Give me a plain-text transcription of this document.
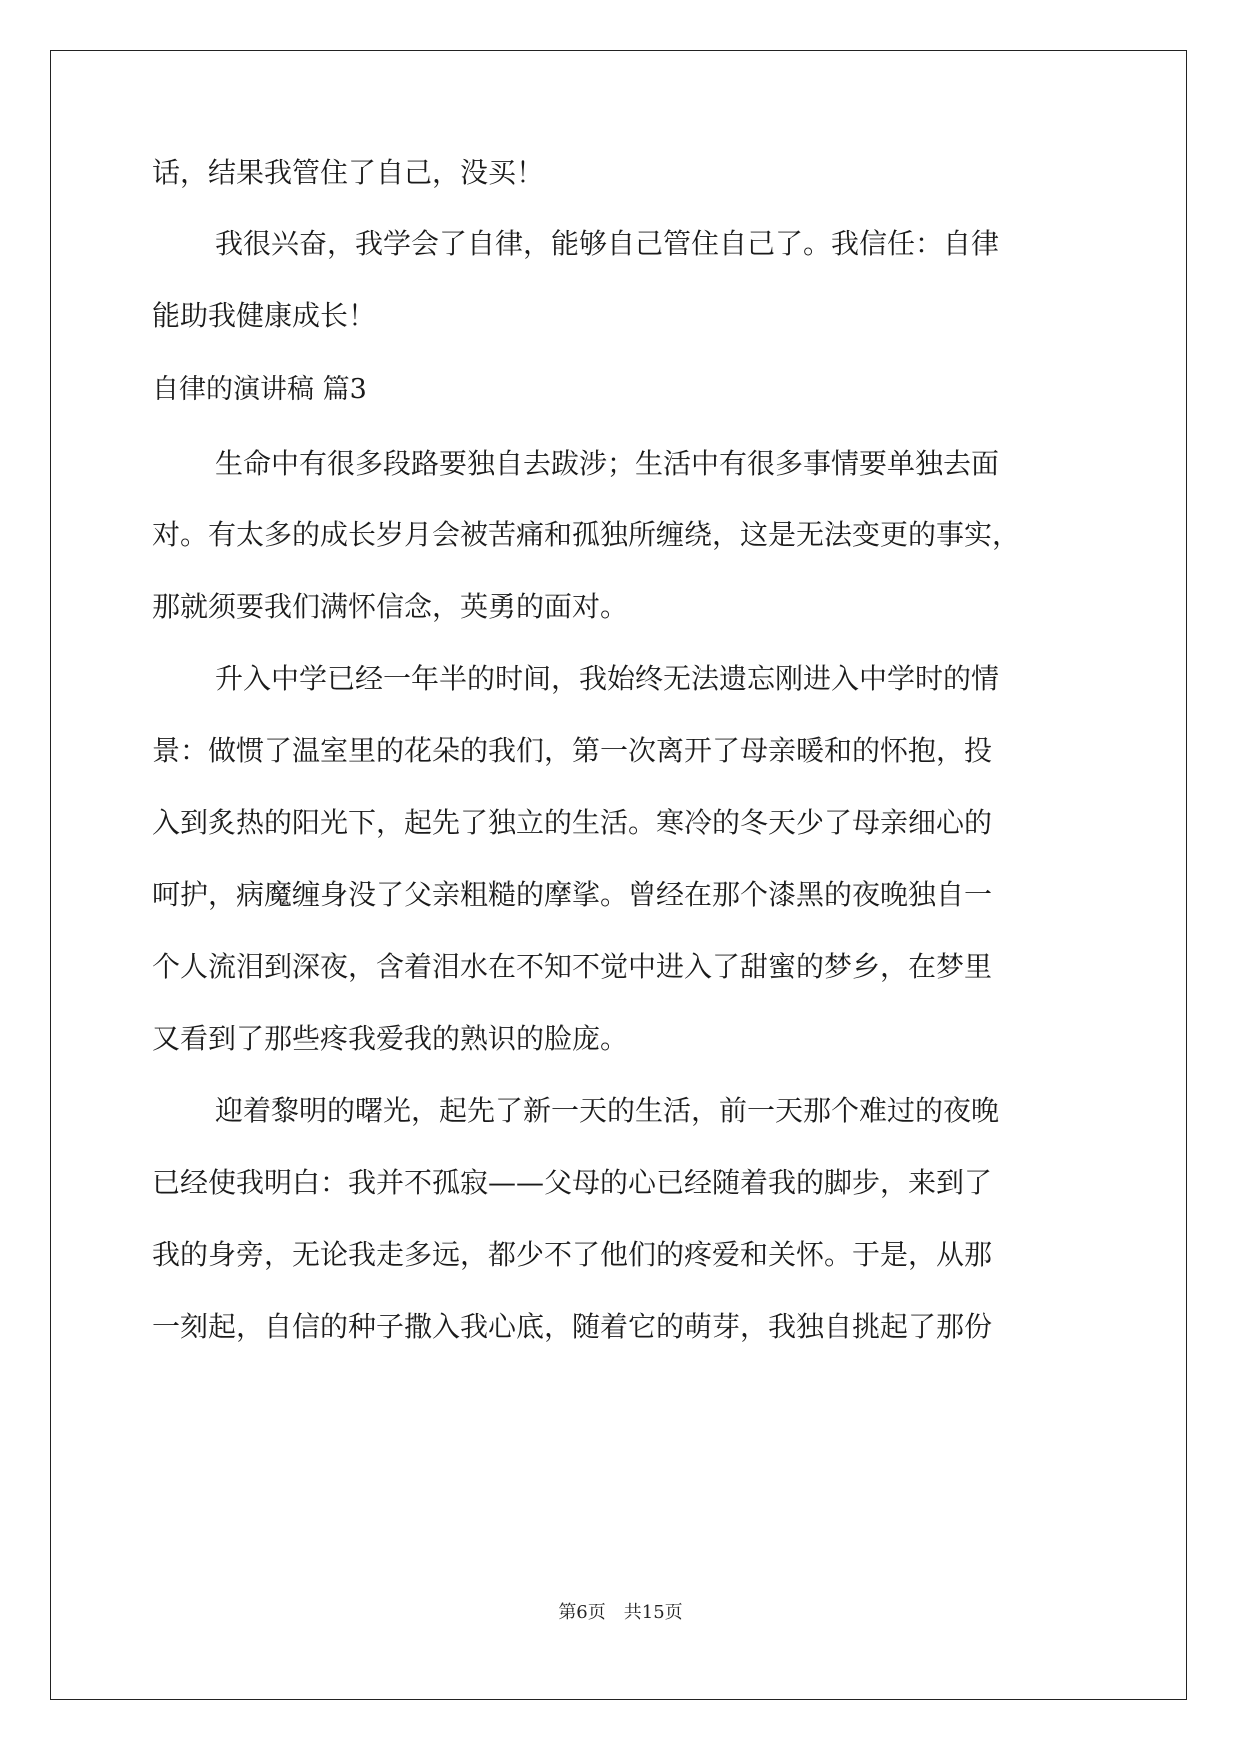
话，结果我管住了自己，没买！
我很兴奋，我学会了自律，能够自己管住自己了。我信任：自律
能助我健康成长！
自律的演讲稿 篇3
生命中有很多段路要独自去跋涉；生活中有很多事情要单独去面
对。有太多的成长岁月会被苦痛和孤独所缠绕，这是无法变更的事实，
那就须要我们满怀信念，英勇的面对。
升入中学已经一年半的时间，我始终无法遗忘刚进入中学时的情
景：做惯了温室里的花朵的我们，第一次离开了母亲暖和的怀抱，投
入到炙热的阳光下，起先了独立的生活。寒冷的冬天少了母亲细心的
呵护，病魔缠身没了父亲粗糙的摩挲。曾经在那个漆黑的夜晚独自一
个人流泪到深夜，含着泪水在不知不觉中进入了甜蜜的梦乡，在梦里
又看到了那些疼我爱我的熟识的脸庞。
迎着黎明的曙光，起先了新一天的生活，前一天那个难过的夜晚
已经使我明白：我并不孤寂——父母的心已经随着我的脚步，来到了
我的身旁，无论我走多远，都少不了他们的疼爱和关怀。于是，从那
一刻起，自信的种子撒入我心底，随着它的萌芽，我独自挑起了那份
第6页 共15页
